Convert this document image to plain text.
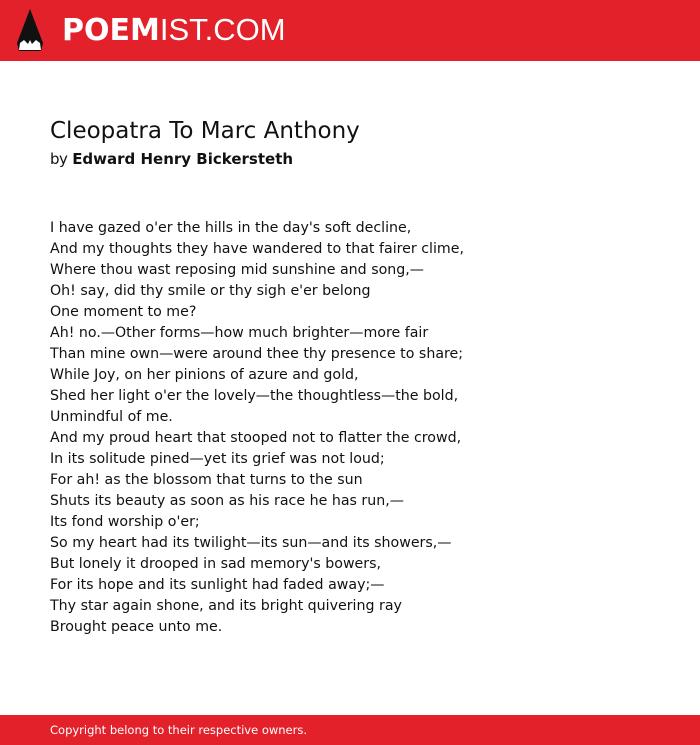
POEMIST.COM
Cleopatra To Marc Anthony
by Edward Henry Bickersteth
I have gazed o'er the hills in the day's soft decline,
And my thoughts they have wandered to that fairer clime,
Where thou wast reposing mid sunshine and song,—
Oh! say, did thy smile or thy sigh e'er belong
One moment to me?
Ah! no.—Other forms—how much brighter—more fair
Than mine own—were around thee thy presence to share;
While Joy, on her pinions of azure and gold,
Shed her light o'er the lovely—the thoughtless—the bold,
Unmindful of me.
And my proud heart that stooped not to flatter the crowd,
In its solitude pined—yet its grief was not loud;
For ah! as the blossom that turns to the sun
Shuts its beauty as soon as his race he has run,—
Its fond worship o'er;
So my heart had its twilight—its sun—and its showers,—
But lonely it drooped in sad memory's bowers,
For its hope and its sunlight had faded away;—
Thy star again shone, and its bright quivering ray
Brought peace unto me.
Copyright belong to their respective owners.
